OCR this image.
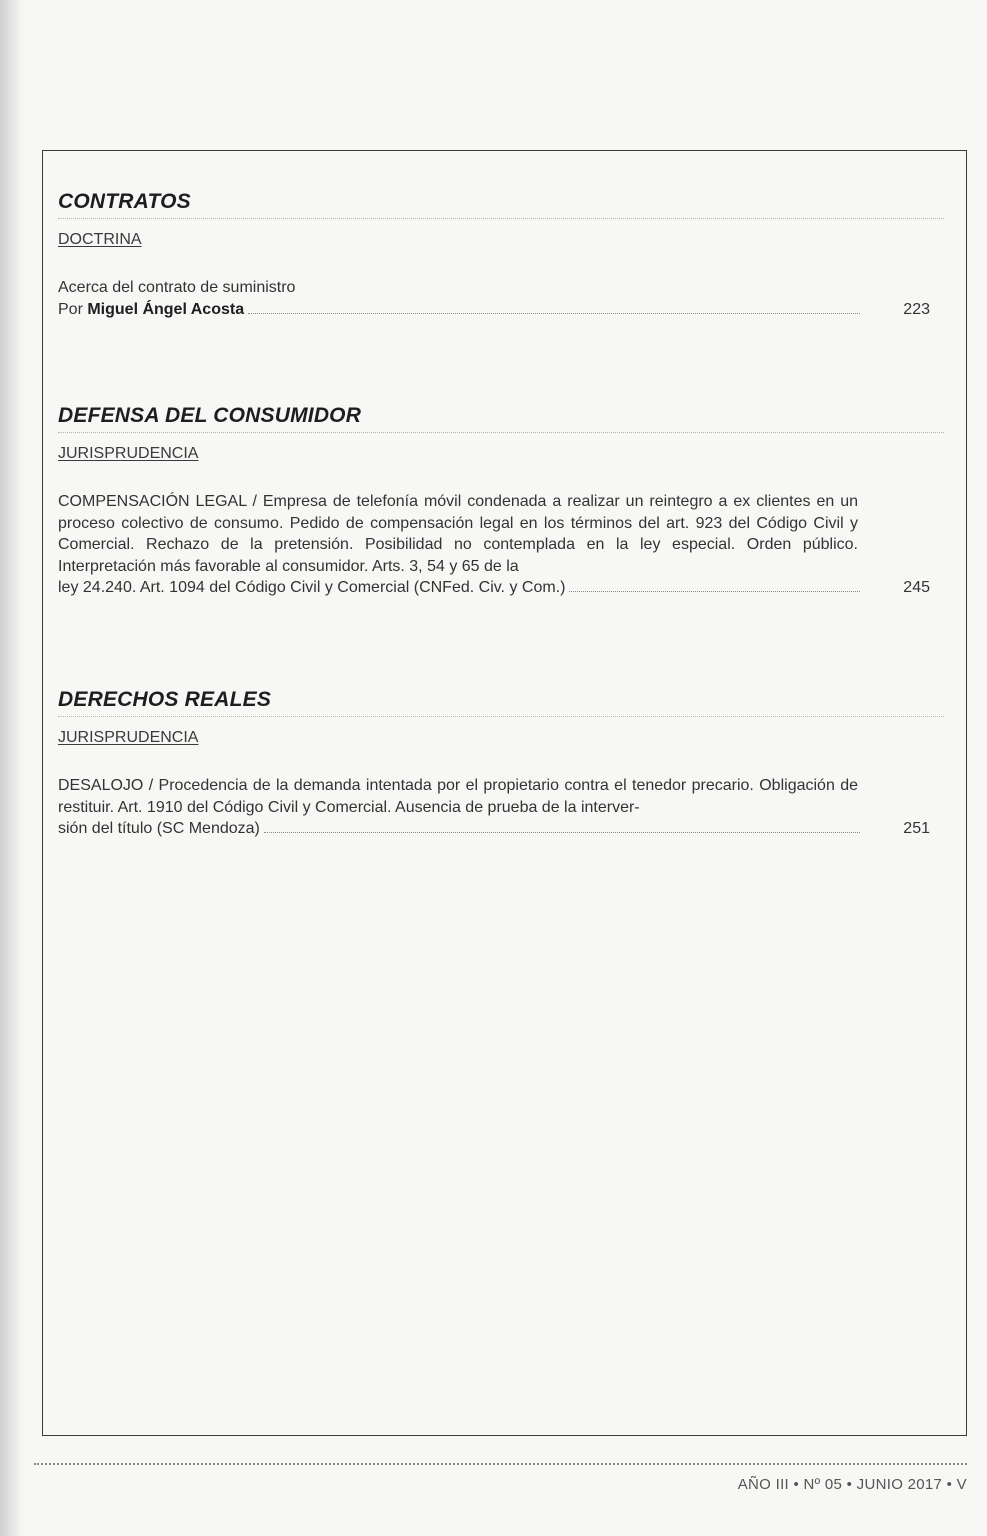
CONTRATOS
DOCTRINA
Acerca del contrato de suministro
Por Miguel Ángel Acosta	223
DEFENSA DEL CONSUMIDOR
JURISPRUDENCIA
COMPENSACIÓN LEGAL / Empresa de telefonía móvil condenada a realizar un reintegro a ex clientes en un proceso colectivo de consumo. Pedido de compensación legal en los términos del art. 923 del Código Civil y Comercial. Rechazo de la pretensión. Posibilidad no contemplada en la ley especial. Orden público. Interpretación más favorable al consumidor. Arts. 3, 54 y 65 de la
ley 24.240. Art. 1094 del Código Civil y Comercial (CNFed. Civ. y Com.)	245
DERECHOS REALES
JURISPRUDENCIA
DESALOJO / Procedencia de la demanda intentada por el propietario contra el tenedor precario. Obligación de restituir. Art. 1910 del Código Civil y Comercial. Ausencia de prueba de la interver-
sión del título (SC Mendoza)	251
AÑO III • Nº 05 • JUNIO 2017 • V
